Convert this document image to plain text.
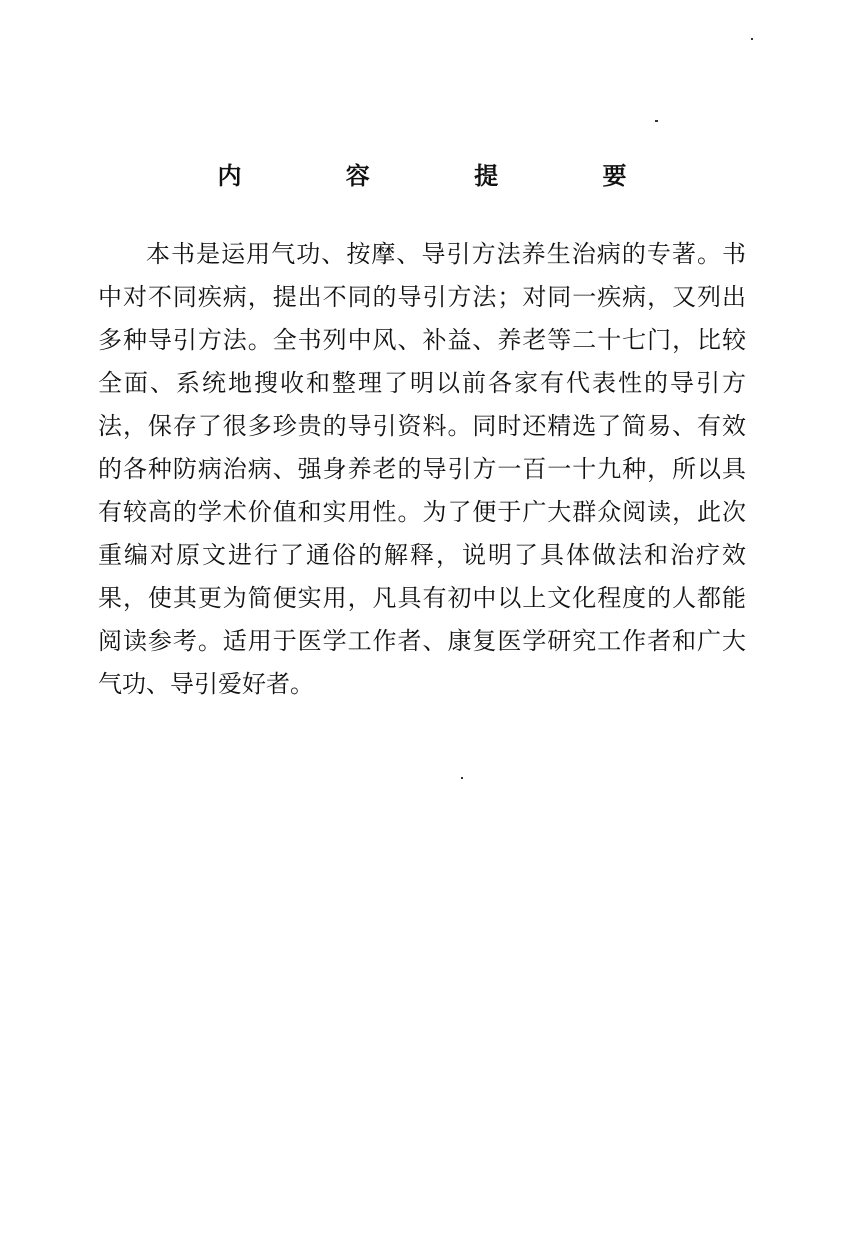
内 容 提 要
本书是运用气功、按摩、导引方法养生治病的专著。书
中对不同疾病，提出不同的导引方法；对同一疾病，又列出
多种导引方法。全书列中风、补益、养老等二十七门，比较
全面、系统地搜收和整理了明以前各家有代表性的导引方
法，保存了很多珍贵的导引资料。同时还精选了简易、有效
的各种防病治病、强身养老的导引方一百一十九种，所以具
有较高的学术价值和实用性。为了便于广大群众阅读，此次
重编对原文进行了通俗的解释，说明了具体做法和治疗效
果，使其更为简便实用，凡具有初中以上文化程度的人都能
阅读参考。适用于医学工作者、康复医学研究工作者和广大
气功、导引爱好者。
